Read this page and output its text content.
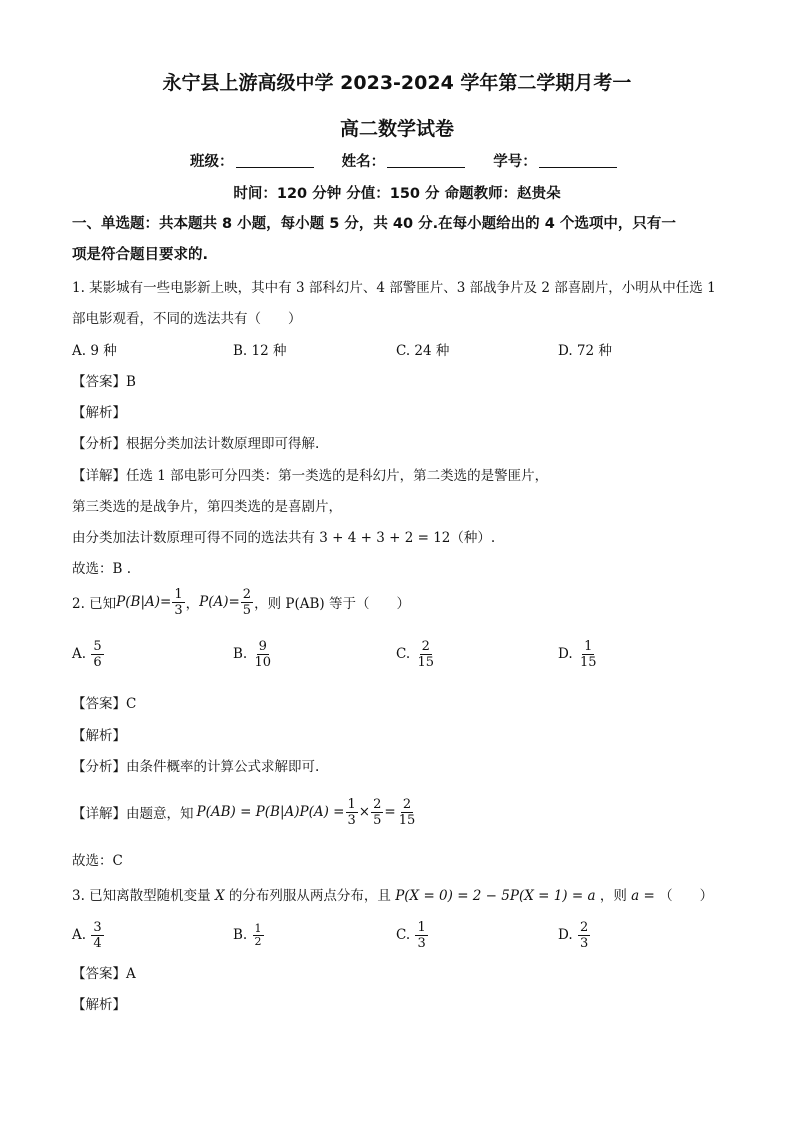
永宁县上游高级中学 2023-2024 学年第二学期月考一
高二数学试卷
班级：	姓名：	学号：
时间：120 分钟 分值：150 分 命题教师：赵贵朵
一、单选题：共本题共 8 小题，每小题 5 分，共 40 分.在每小题给出的 4 个选项中，只有一
项是符合题目要求的.
1. 某影城有一些电影新上映，其中有 3 部科幻片、4 部警匪片、3 部战争片及 2 部喜剧片，小明从中任选 1
部电影观看，不同的选法共有（　　）
A. 9 种	B. 12 种	C. 24 种	D. 72 种
【答案】B
【解析】
【分析】根据分类加法计数原理即可得解.
【详解】任选 1 部电影可分四类：第一类选的是科幻片，第二类选的是警匪片，
第三类选的是战争片，第四类选的是喜剧片，
由分类加法计数原理可得不同的选法共有 3 + 4 + 3 + 2 = 12（种）.
故选：B .
2. 已知 $P(B|A)= \frac{1}{3}$ ， $P(A)= \frac{2}{5}$ ，则 P(AB) 等于（　　）
A.
$\frac{5}{6}$	B.
$\frac{9}{10}$	C.
$\frac{2}{15}$	D.
$\frac{1}{15}$
【答案】C
【解析】
【分析】由条件概率的计算公式求解即可.
【详解】 由题意，知 $P(AB) = P(B|A)P(A) = \frac{1}{3} \times \frac{2}{5} = \frac{2}{15}$
故选：C
3. 已知离散型随机变量 X 的分布列服从两点分布，且 P(X = 0) = 2 − 5P(X = 1) = a ，则 a = （　　）
A.
$\frac{3}{4}$	B.
$\frac{1}{2}$	C.
$\frac{1}{3}$	D.
$\frac{2}{3}$
【答案】A
【解析】
